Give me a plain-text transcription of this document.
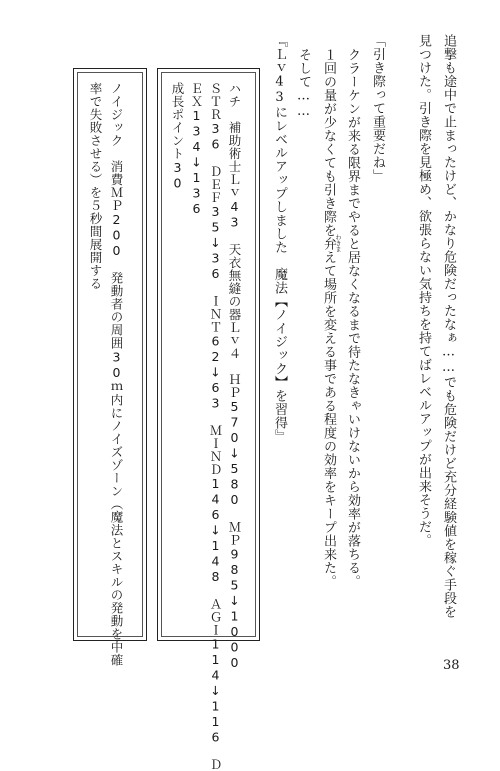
追撃も途中で止まったけど、かなり危険だったなぁ……でも危険だけど充分経験値を稼ぐ手段を
見つけた。引き際を見極め、欲張らない気持ちを持てばレベルアップが出来そうだ。
「引き際って重要だね」
クラーケンが来る限界までやると居なくなるまで待たなきゃいけないから効率が落ちる。
１回の量が少なくても引き際を弁
わきま
えて場所を変える事である程度の効率をキープ出来た。
そして……
『Ｌｖ43にレベルアップしました　魔法【ノイジック】を習得』
ハチ　補助術士Ｌｖ43　天衣無縫の器Ｌｖ４　ＨＰ570↓580　ＭＰ985↓1000
ＳＴＲ36　ＤＥＦ35↓36　ＩＮＴ62↓63　ＭＩＮＤ146↓148　ＡＧＩ114↓116　Ｄ
ＥＸ134↓136
成長ポイント30
ノイジック　消費ＭＰ200　発動者の周囲30ｍ内にノイズゾーン（魔法とスキルの発動を中確
率で失敗させる）を５秒間展開する
38
